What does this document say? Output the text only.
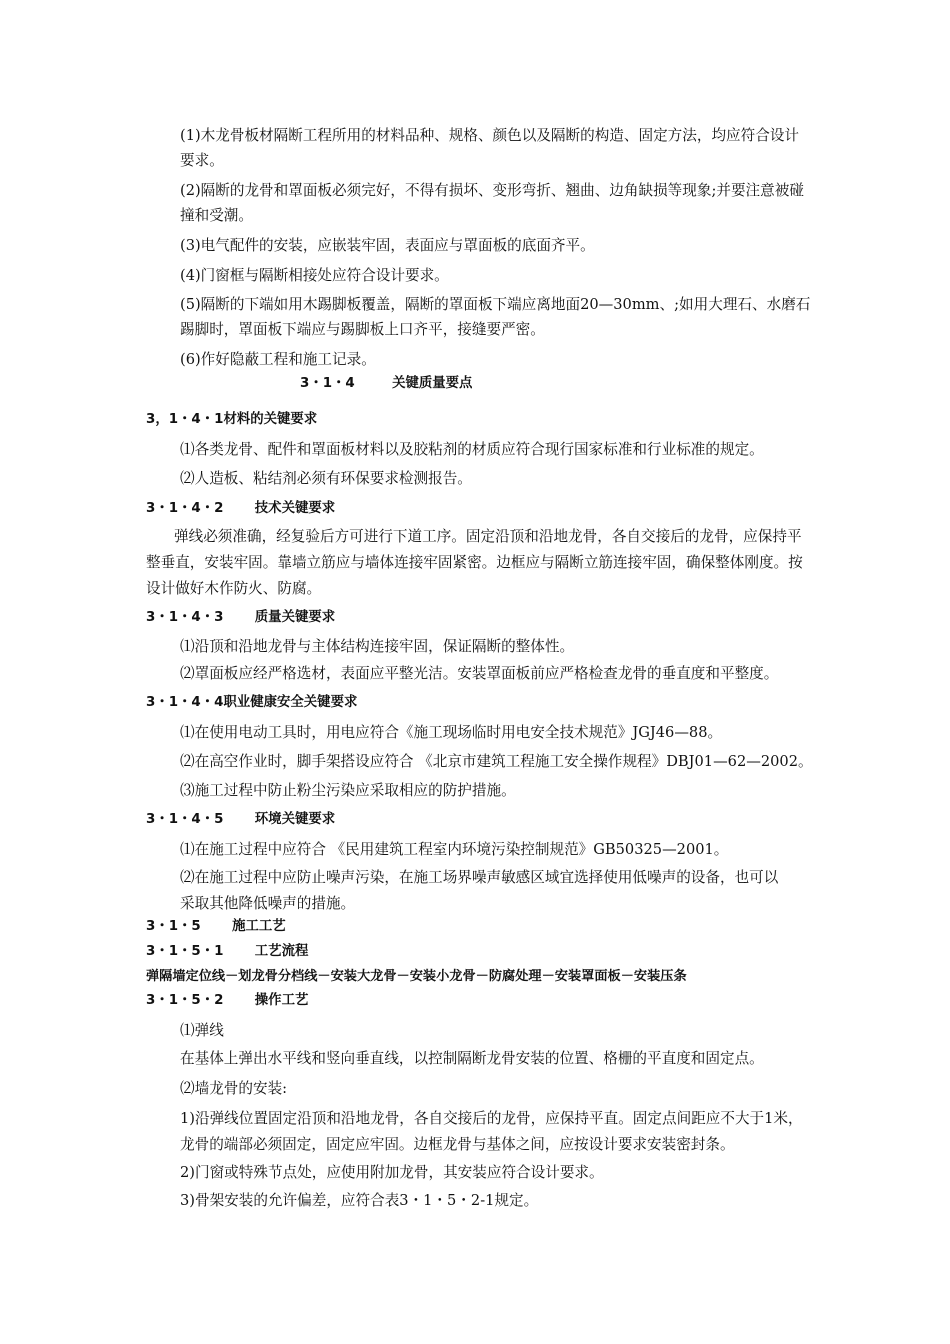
(1)木龙骨板材隔断工程所用的材料品种、规格、颜色以及隔断的构造、固定方法，均应符合设计

要求。

(2)隔断的龙骨和罩面板必须完好，不得有损坏、变形弯折、翘曲、边角缺损等现象;并要注意被碰

撞和受潮。

(3)电气配件的安装，应嵌装牢固，表面应与罩面板的底面齐平。

(4)门窗框与隔断相接处应符合设计要求。

(5)隔断的下端如用木踢脚板覆盖，隔断的罩面板下端应离地面20—30mm、;如用大理石、水磨石

踢脚时，罩面板下端应与踢脚板上口齐平，接缝要严密。

(6)作好隐蔽工程和施工记录。

3・1・4	关键质量要点
3，1・4・1材料的关键要求

⑴各类龙骨、配件和罩面板材料以及胶粘剂的材质应符合现行国家标准和行业标准的规定。

⑵人造板、粘结剂必须有环保要求检测报告。

3・1・4・2 技术关键要求

弹线必须准确，经复验后方可进行下道工序。固定沿顶和沿地龙骨，各自交接后的龙骨，应保持平

整垂直，安装牢固。靠墙立筋应与墙体连接牢固紧密。边框应与隔断立筋连接牢固，确保整体刚度。按

设计做好木作防火、防腐。

3・1・4・3 质量关键要求

⑴沿顶和沿地龙骨与主体结构连接牢固，保证隔断的整体性。

⑵罩面板应经严格选材，表面应平整光洁。安装罩面板前应严格检查龙骨的垂直度和平整度。

3・1・4・4职业健康安全关键要求

⑴在使用电动工具时，用电应符合《施工现场临时用电安全技术规范》JGJ46—88。

⑵在高空作业时，脚手架搭设应符合 《北京市建筑工程施工安全操作规程》DBJ01—62—2002。

⑶施工过程中防止粉尘污染应采取相应的防护措施。

3・1・4・5 环境关键要求

⑴在施工过程中应符合 《民用建筑工程室内环境污染控制规范》GB50325—2001。

⑵在施工过程中应防止噪声污染，在施工场界噪声敏感区域宜选择使用低噪声的设备，也可以

采取其他降低噪声的措施。

3・1・5 施工工艺
3・1・5・1 工艺流程

弹隔墙定位线－划龙骨分档线－安装大龙骨－安装小龙骨－防腐处理－安装罩面板－安装压条

3・1・5・2 操作工艺

⑴弹线

在基体上弹出水平线和竖向垂直线，以控制隔断龙骨安装的位置、格栅的平直度和固定点。

⑵墙龙骨的安装:

1)沿弹线位置固定沿顶和沿地龙骨，各自交接后的龙骨，应保持平直。固定点间距应不大于1米，

龙骨的端部必须固定，固定应牢固。边框龙骨与基体之间，应按设计要求安装密封条。

2)门窗或特殊节点处，应使用附加龙骨，其安装应符合设计要求。

3)骨架安装的允许偏差，应符合表3・1・5・2-1规定。
